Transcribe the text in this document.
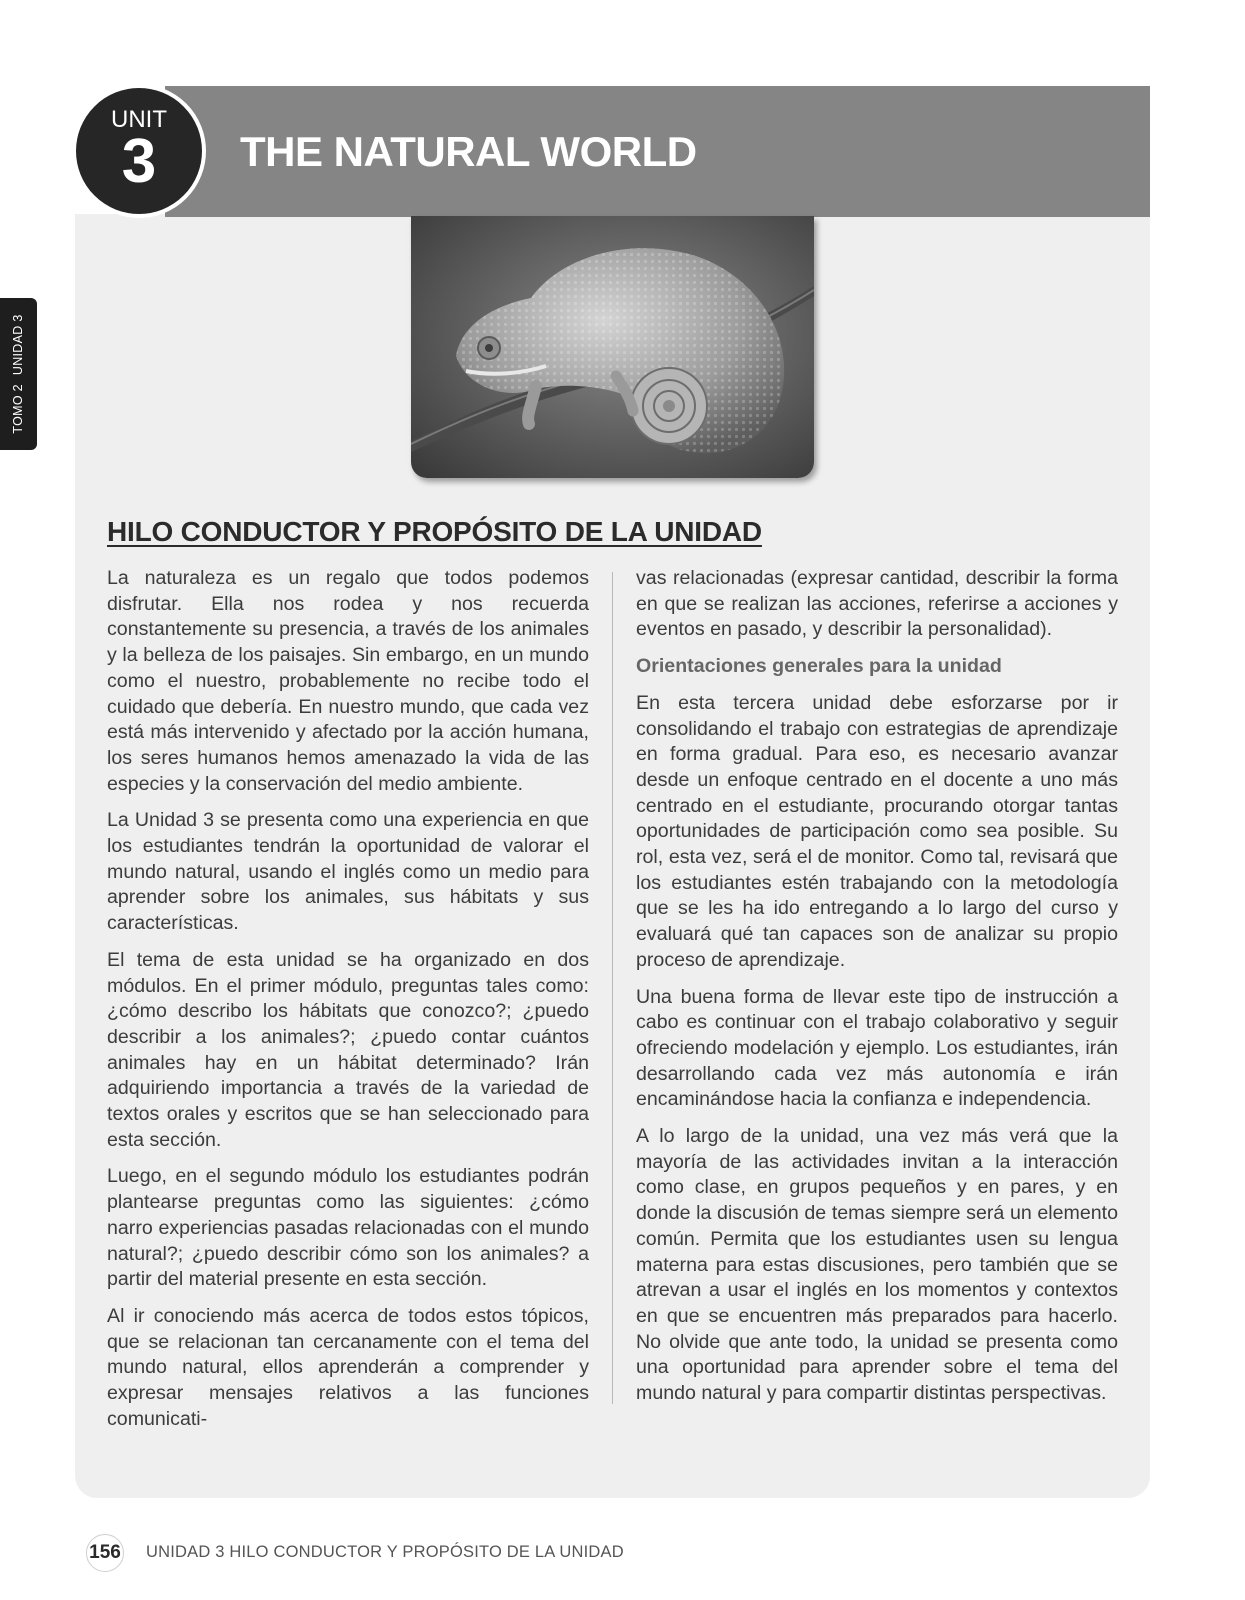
TOMO 2UNIDAD 3
THE NATURAL WORLD
UNIT
3
HILO CONDUCTOR Y PROPÓSITO DE LA UNIDAD

La naturaleza es un regalo que todos podemos disfrutar. Ella nos rodea y nos recuerda constantemente su presencia, a través de los animales y la belleza de los paisajes. Sin embargo, en un mundo como el nuestro, probablemente no recibe todo el cuidado que debería. En nuestro mundo, que cada vez está más intervenido y afectado por la acción humana, los seres humanos hemos amenazado la vida de las especies y la conservación del medio ambiente.

La Unidad 3 se presenta como una experiencia en que los estudiantes tendrán la oportunidad de valorar el mundo natural, usando el inglés como un medio para aprender sobre los animales, sus hábitats y sus características.

El tema de esta unidad se ha organizado en dos módulos. En el primer módulo, preguntas tales como: ¿cómo describo los hábitats que conozco?; ¿puedo describir a los animales?; ¿puedo contar cuántos animales hay en un hábitat determinado? Irán adquiriendo importancia a través de la variedad de textos orales y escritos que se han seleccionado para esta sección.

Luego, en el segundo módulo los estudiantes podrán plantearse preguntas como las siguientes: ¿cómo narro experiencias pasadas relacionadas con el mundo natural?; ¿puedo describir cómo son los animales? a partir del material presente en esta sección.

Al ir conociendo más acerca de todos estos tópicos, que se relacionan tan cercanamente con el tema del mundo natural, ellos aprenderán a comprender y expresar mensajes relativos a las funciones comunicati-

vas relacionadas (expresar cantidad, describir la forma en que se realizan las acciones, referirse a acciones y eventos en pasado, y describir la personalidad).

Orientaciones generales para la unidad

En esta tercera unidad debe esforzarse por ir consolidando el trabajo con estrategias de aprendizaje en forma gradual. Para eso, es necesario avanzar desde un enfoque centrado en el docente a uno más centrado en el estudiante, procurando otorgar tantas oportunidades de participación como sea posible. Su rol, esta vez, será el de monitor. Como tal, revisará que los estudiantes estén trabajando con la metodología que se les ha ido entregando a lo largo del curso y evaluará qué tan capaces son de analizar su propio proceso de aprendizaje.

Una buena forma de llevar este tipo de instrucción a cabo es continuar con el trabajo colaborativo y seguir ofreciendo modelación y ejemplo. Los estudiantes, irán desarrollando cada vez más autonomía e irán encaminándose hacia la confianza e independencia.

A lo largo de la unidad, una vez más verá que la mayoría de las actividades invitan a la interacción como clase, en grupos pequeños y en pares, y en donde la discusión de temas siempre será un elemento común. Permita que los estudiantes usen su lengua materna para estas discusiones, pero también que se atrevan a usar el inglés en los momentos y contextos en que se encuentren más preparados para hacerlo. No olvide que ante todo, la unidad se presenta como una oportunidad para aprender sobre el tema del mundo natural y para compartir distintas perspectivas.

156 UNIDAD 3 HILO CONDUCTOR Y PROPÓSITO DE LA UNIDAD
